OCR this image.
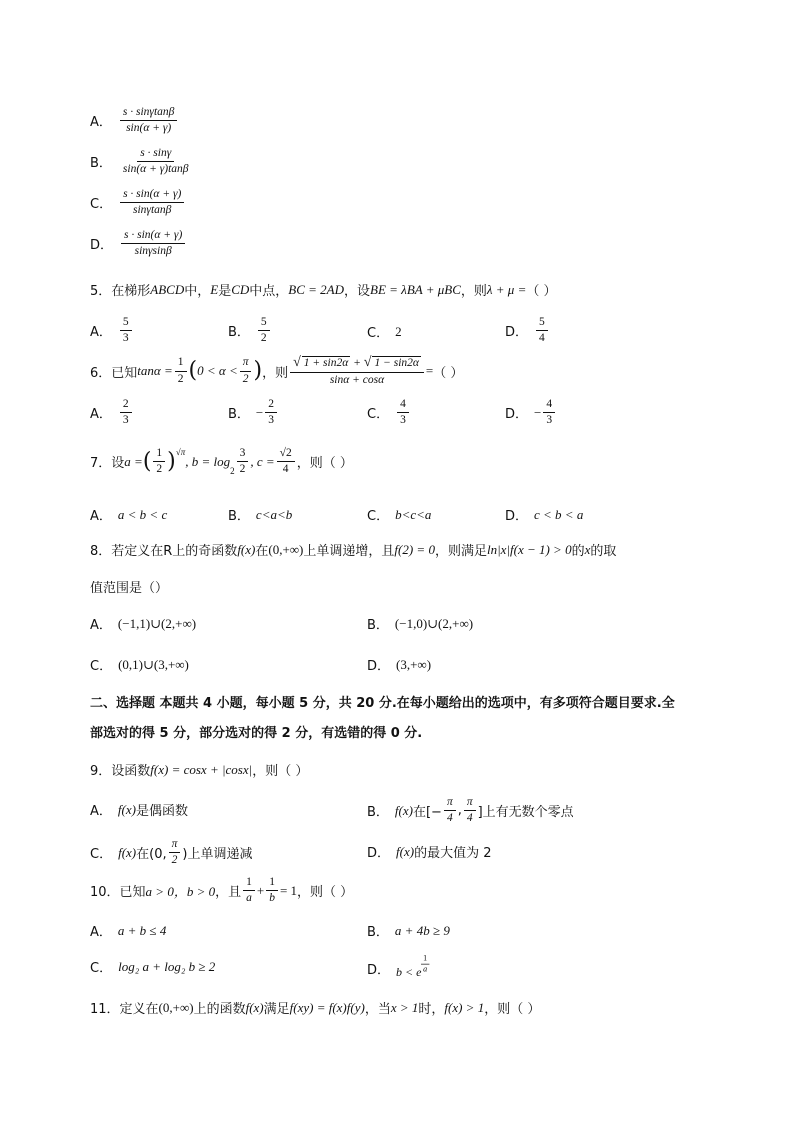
A． $\frac{s \cdot \sin\gamma\tan\beta}{\sin(\alpha + \gamma)}$
B． $\frac{s \cdot \sin\gamma}{\sin(\alpha + \gamma)\tan\beta}$
C． $\frac{s \cdot \sin(\alpha + \gamma)}{\sin\gamma\tan\beta}$
D． $\frac{s \cdot \sin(\alpha + \gamma)}{\sin\gamma\sin\beta}$
5．在梯形 ABCD 中， E 是 CD 中点， BC = 2AD ，设 BE = λBA + μBC ，则 λ + μ = （ ）
A． $\frac{5}{3}$	B． $\frac{5}{2}$	C． 2	D． $\frac{5}{4}$
6．已知 $\tan\alpha = \frac{1}{2}$ ( $0 < \alpha < \frac{\pi}{2}$ ) ，则 $\frac{√ 1 + \sin 2\alpha + √ 1 - \sin 2\alpha}{\sin\alpha + \cos\alpha}$ = （ ）
A． $\frac{2}{3}$	B． − $\frac{2}{3}$	C． $\frac{4}{3}$	D． − $\frac{4}{3}$
7．设 a = ( $\frac{1}{2} )^{√\pi}$
, b = log
$_2 \frac{3}{2}$ , $c = \frac{√2}{4}$ ，则（ ）
A． a < b < c	B． c<a<b	C． b<c<a	D． c < b < a
8．若定义在R上的奇函数 f(x) 在 (0,+∞) 上单调递增，且 f(2) = 0 ，则满足 ln|x|f(x − 1) > 0 的 x 的取
值范围是（）
A． (−1,1)∪(2,+∞)	B． (−1,0)∪(2,+∞)
C． (0,1)∪(3,+∞)	D． (3,+∞)
二、选择题 本题共 4 小题，每小题 5 分，共 20 分.在每小题给出的选项中，有多项符合题目要求.全
部选对的得 5 分，部分选对的得 2 分，有选错的得 0 分.
9．设函数 f(x) = cosx + |cosx| ，则（ ）
A． f(x) 是偶函数	B． f(x) 在[− $\frac{\pi}{4}$ , $\frac{\pi}{4}$ ]上有无数个零点
C． f(x) 在(0, $\frac{\pi}{2}$ )上单调递减	D． f(x) 的最大值为 2
10．已知 a > 0，b > 0 ，且 $\frac{1}{a} + \frac{1}{b} = 1$ ，则（ ）
A． a + b ≤ 4	B． a + 4b ≥ 9
C． log₂ a + log₂ b ≥ 2	D． b < e $\frac{1}{a}$
11．定义在 (0,+∞) 上的函数 f(x) 满足 f(xy) = f(x)f(y) ，当 x > 1 时， f(x) > 1 ，则（ ）
